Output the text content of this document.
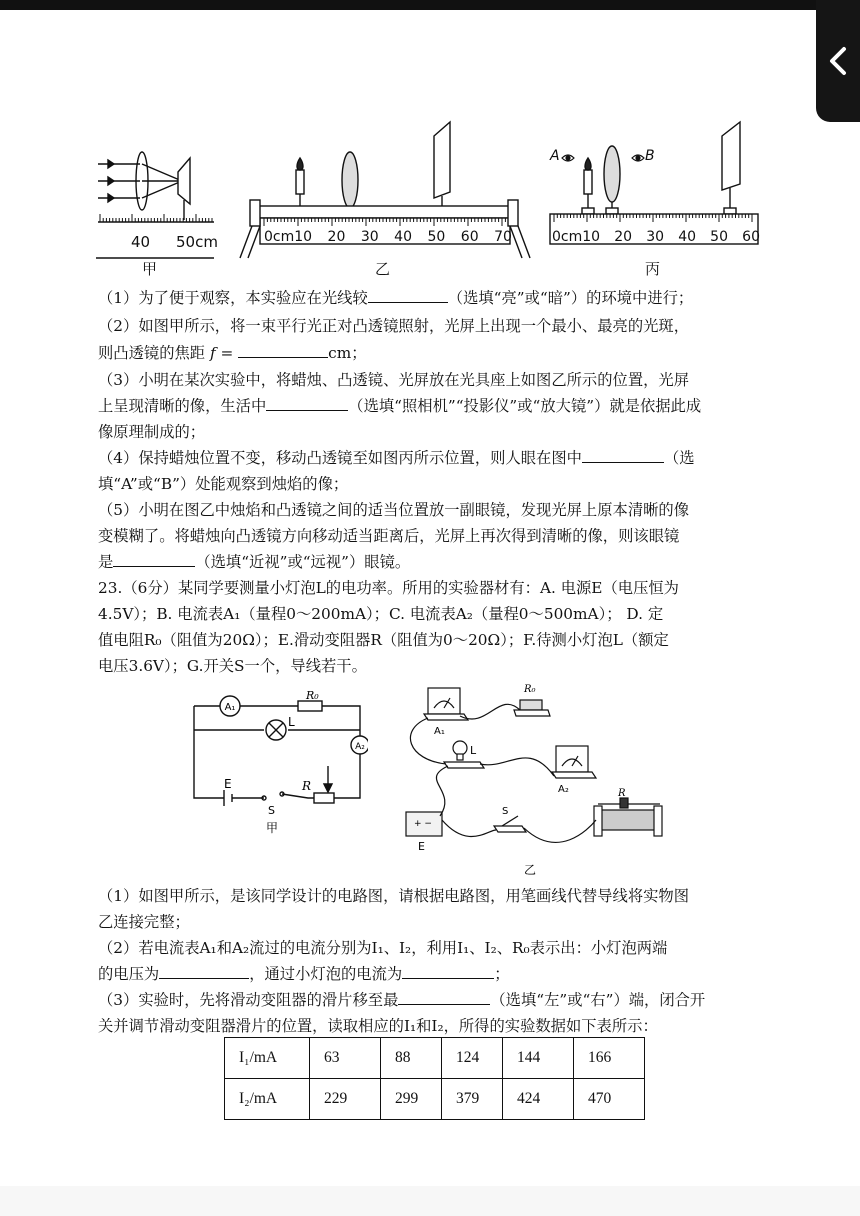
40 50cm
甲
0cm10 20 30 40 50 60 70
乙
A	B
0cm10 20 30 40 50 60
丙
（1）为了便于观察，本实验应在光线较	（选填“亮”或“暗”）的环境中进行；
（2）如图甲所示，将一束平行光正对凸透镜照射，光屏上出现一个最小、最亮的光斑，
则凸透镜的焦距 f =	cm；
（3）小明在某次实验中，将蜡烛、凸透镜、光屏放在光具座上如图乙所示的位置，光屏
上呈现清晰的像，生活中	（选填“照相机”“投影仪”或“放大镜”）就是依据此成
像原理制成的；
（4）保持蜡烛位置不变，移动凸透镜至如图丙所示位置，则人眼在图中	（选
填“A”或“B”）处能观察到烛焰的像；
（5）小明在图乙中烛焰和凸透镜之间的适当位置放一副眼镜，发现光屏上原本清晰的像
变模糊了。将蜡烛向凸透镜方向移动适当距离后，光屏上再次得到清晰的像，则该眼镜
是	（选填“近视”或“远视”）眼镜。
23.（6分）某同学要测量小灯泡L的电功率。所用的实验器材有：A. 电源E（电压恒为
4.5V）；B. 电流表A₁（量程0～200mA）；C. 电流表A₂（量程0～500mA）； D. 定
值电阻R₀（阻值为20Ω）；E.滑动变阻器R（阻值为0～20Ω）；F.待测小灯泡L（额定
电压3.6V）；G.开关S一个，导线若干。
A₁
A₂
L
R₀
E
S
R
甲	+ −
A₁
R₀
L
A₂
E
S
R
乙
（1）如图甲所示，是该同学设计的电路图，请根据电路图，用笔画线代替导线将实物图
乙连接完整；
（2）若电流表A₁和A₂流过的电流分别为I₁、I₂，利用I₁、I₂、R₀表示出：小灯泡两端
的电压为	，通过小灯泡的电流为	；
（3）实验时，先将滑动变阻器的滑片移至最	（选填“左”或“右”）端，闭合开
关并调节滑动变阻器滑片的位置，读取相应的I₁和I₂，所得的实验数据如下表所示：
I₁/mA	63	88	124	144	166
I₂/mA	229	299	379	424	470
